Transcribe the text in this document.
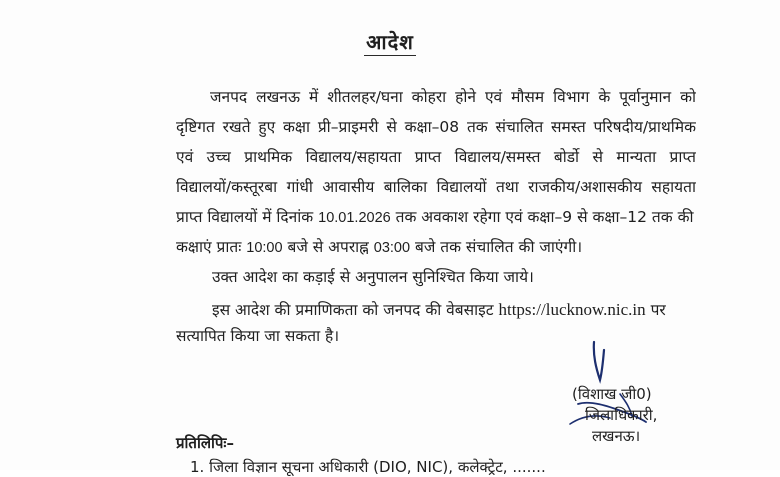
आदेश
जनपद लखनऊ में शीतलहर/घना कोहरा होने एवं मौसम विभाग के पूर्वानुमान को
दृष्टिगत रखते हुए कक्षा प्री–प्राइमरी से कक्षा–08 तक संचालित समस्त परिषदीय/प्राथमिक
एवं उच्च प्राथमिक विद्यालय/सहायता प्राप्त विद्यालय/समस्त बोर्डो से मान्यता प्राप्त
विद्यालयों/कस्तूरबा गांधी आवासीय बालिका विद्यालयों तथा राजकीय/अशासकीय सहायता
प्राप्त विद्यालयों में दिनांक 10.01.2026 तक अवकाश रहेगा एवं कक्षा–9 से कक्षा–12 तक की
कक्षाएं प्रातः 10:00 बजे से अपराह्न 03:00 बजे तक संचालित की जाएंगी।
उक्त आदेश का कड़ाई से अनुपालन सुनिश्चित किया जाये।
इस आदेश की प्रमाणिकता को जनपद की वेबसाइट https://lucknow.nic.in पर
सत्यापित किया जा सकता है।
(विशाख जी0)
जिलाधिकारी,
लखनऊ।
प्रतिलिपिः–
1. जिला विज्ञान सूचना अधिकारी (DIO, NIC), कलेक्ट्रेट, .......
